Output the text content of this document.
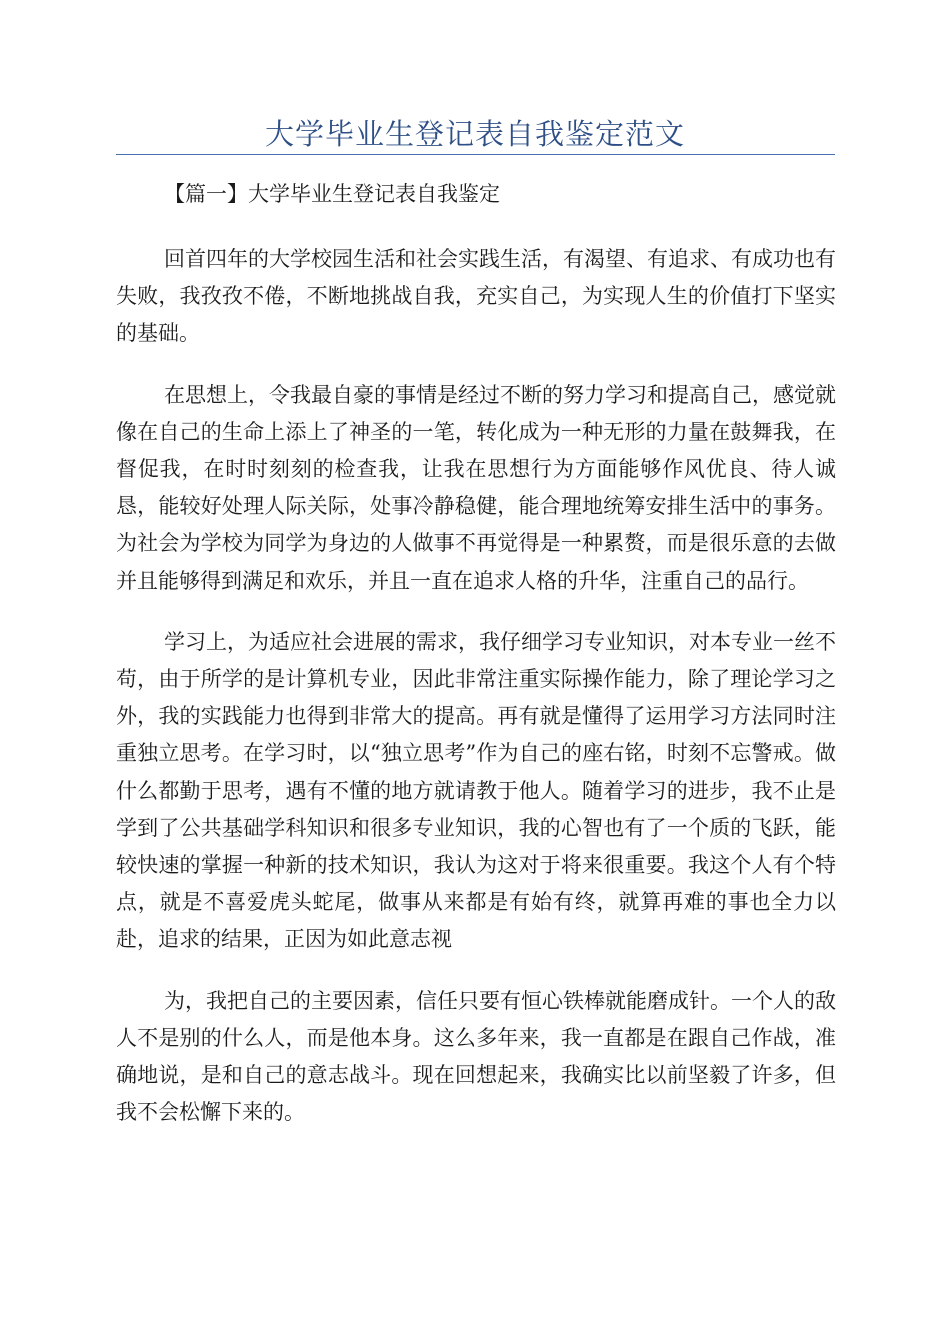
大学毕业生登记表自我鉴定范文

【篇一】大学毕业生登记表自我鉴定

回首四年的大学校园生活和社会实践生活，有渴望、有追求、有成功也有失败，我孜孜不倦，不断地挑战自我，充实自己，为实现人生的价值打下坚实的基础。

在思想上，令我最自豪的事情是经过不断的努力学习和提高自己，感觉就像在自己的生命上添上了神圣的一笔，转化成为一种无形的力量在鼓舞我，在督促我，在时时刻刻的检查我，让我在思想行为方面能够作风优良、待人诚恳，能较好处理人际关际，处事冷静稳健，能合理地统筹安排生活中的事务。为社会为学校为同学为身边的人做事不再觉得是一种累赘，而是很乐意的去做并且能够得到满足和欢乐，并且一直在追求人格的升华，注重自己的品行。

学习上，为适应社会进展的需求，我仔细学习专业知识，对本专业一丝不苟，由于所学的是计算机专业，因此非常注重实际操作能力，除了理论学习之外，我的实践能力也得到非常大的提高。再有就是懂得了运用学习方法同时注重独立思考。在学习时，以“独立思考”作为自己的座右铭，时刻不忘警戒。做什么都勤于思考，遇有不懂的地方就请教于他人。随着学习的进步，我不止是学到了公共基础学科知识和很多专业知识，我的心智也有了一个质的飞跃，能较快速的掌握一种新的技术知识，我认为这对于将来很重要。我这个人有个特点，就是不喜爱虎头蛇尾，做事从来都是有始有终，就算再难的事也全力以赴，追求的结果，正因为如此意志视

为，我把自己的主要因素，信任只要有恒心铁棒就能磨成针。一个人的敌人不是别的什么人，而是他本身。这么多年来，我一直都是在跟自己作战，准确地说，是和自己的意志战斗。现在回想起来，我确实比以前坚毅了许多，但我不会松懈下来的。
